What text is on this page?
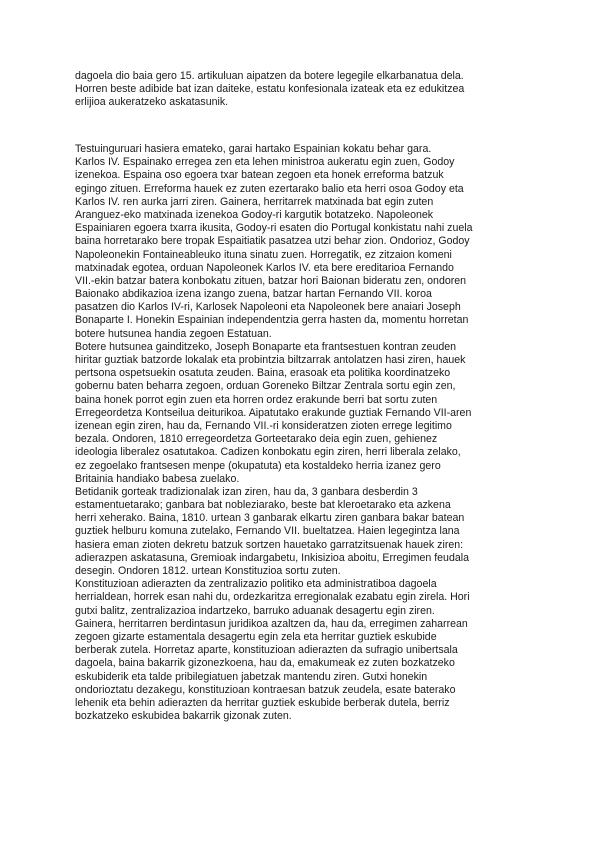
dagoela dio baia gero 15. artikuluan aipatzen da botere legegile elkarbanatua dela.
Horren beste adibide bat izan daiteke, estatu konfesionala izateak eta ez edukitzea
erlijioa aukeratzeko askatasunik.
Testuinguruari hasiera emateko, garai hartako Espainian kokatu behar gara.
Karlos IV. Espainako erregea zen eta lehen ministroa aukeratu egin zuen, Godoy
izenekoa. Espaina oso egoera txar batean zegoen eta honek erreforma batzuk
egingo zituen. Erreforma hauek ez zuten ezertarako balio eta herri osoa Godoy eta
Karlos IV. ren aurka jarri ziren. Gainera, herritarrek matxinada bat egin zuten
Aranguez-eko matxinada izenekoa Godoy-ri kargutik botatzeko. Napoleonek
Espainiaren egoera txarra ikusita, Godoy-ri esaten dio Portugal konkistatu nahi zuela
baina horretarako bere tropak Espaitiatik pasatzea utzi behar zion. Ondorioz, Godoy
Napoleonekin Fontaineableuko ituna sinatu zuen. Horregatik, ez zitzaion komeni
matxinadak egotea, orduan Napoleonek Karlos IV. eta bere ereditarioa Fernando
VII.-ekin batzar batera konbokatu zituen, batzar hori Baionan bideratu zen, ondoren
Baionako abdikazioa izena izango zuena, batzar hartan Fernando VII. koroa
pasatzen dio Karlos IV-ri, Karlosek Napoleoni eta Napoleonek bere anaiari Joseph
Bonaparte I. Honekin Espainian independentzia gerra hasten da, momentu horretan
botere hutsunea handia zegoen Estatuan.
Botere hutsunea gainditzeko, Joseph Bonaparte eta frantsestuen kontran zeuden
hiritar guztiak batzorde lokalak eta probintzia biltzarrak antolatzen hasi ziren, hauek
pertsona ospetsuekin osatuta zeuden. Baina, erasoak eta politika koordinatzeko
gobernu baten beharra zegoen, orduan Goreneko Biltzar Zentrala sortu egin zen,
baina honek porrot egin zuen eta horren ordez erakunde berri bat sortu zuten
Erregeordetza Kontseilua deiturikoa. Aipatutako erakunde guztiak Fernando VII-aren
izenean egin ziren, hau da, Fernando VII.-ri konsideratzen zioten errege legitimo
bezala. Ondoren, 1810 erregeordetza Gorteetarako deia egin zuen, gehienez
ideologia liberalez osatutakoa. Cadizen konbokatu egin ziren, herri liberala zelako,
ez zegoelako frantsesen menpe (okupatuta) eta kostaldeko herria izanez gero
Britainia handiako babesa zuelako.
Betidanik gorteak tradizionalak izan ziren, hau da, 3 ganbara desberdin 3
estamentuetarako; ganbara bat nobleziarako, beste bat kleroetarako eta azkena
herri xeherako. Baina, 1810. urtean 3 ganbarak elkartu ziren ganbara bakar batean
guztiek helburu komuna zutelako, Fernando VII. bueltatzea. Haien legegintza lana
hasiera eman zioten dekretu batzuk sortzen hauetako garratzitsuenak hauek ziren:
adierazpen askatasuna, Gremioak indargabetu, Inkisizioa aboitu, Erregimen feudala
desegin. Ondoren 1812. urtean Konstituzioa sortu zuten.
Konstituzioan adierazten da zentralizazio politiko eta administratiboa dagoela
herrialdean, horrek esan nahi du, ordezkaritza erregionalak ezabatu egin zirela. Hori
gutxi balitz, zentralizazioa indartzeko, barruko aduanak desagertu egin ziren.
Gainera, herritarren berdintasun juridikoa azaltzen da, hau da, erregimen zaharrean
zegoen gizarte estamentala desagertu egin zela eta herritar guztiek eskubide
berberak zutela. Horretaz aparte, konstituzioan adierazten da sufragio unibertsala
dagoela, baina bakarrik gizonezkoena, hau da, emakumeak ez zuten bozkatzeko
eskubiderik eta talde pribilegiatuen jabetzak mantendu ziren. Gutxi honekin
ondorioztatu dezakegu, konstituzioan kontraesan batzuk zeudela, esate baterako
lehenik eta behin adierazten da herritar guztiek eskubide berberak dutela, berriz
bozkatzeko eskubidea bakarrik gizonak zuten.
